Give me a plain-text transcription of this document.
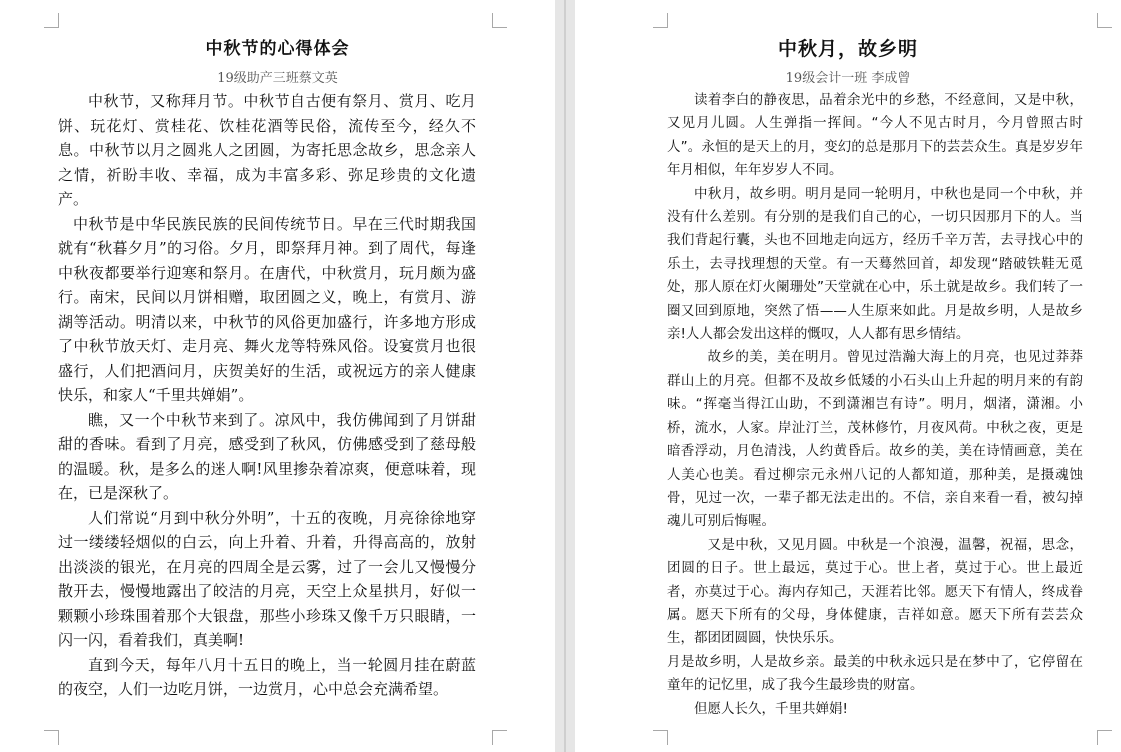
中秋节的心得体会
19级助产三班蔡文英

中秋节，又称拜月节。中秋节自古便有祭月、赏月、吃月饼、玩花灯、赏桂花、饮桂花酒等民俗，流传至今，经久不息。中秋节以月之圆兆人之团圆，为寄托思念故乡，思念亲人之情，祈盼丰收、幸福，成为丰富多彩、弥足珍贵的文化遗产。

中秋节是中华民族民族的民间传统节日。早在三代时期我国就有“秋暮夕月”的习俗。夕月，即祭拜月神。到了周代，每逢中秋夜都要举行迎寒和祭月。在唐代，中秋赏月，玩月颇为盛行。南宋，民间以月饼相赠，取团圆之义，晚上，有赏月、游湖等活动。明清以来，中秋节的风俗更加盛行，许多地方形成了中秋节放天灯、走月亮、舞火龙等特殊风俗。设宴赏月也很盛行，人们把酒问月，庆贺美好的生活，或祝远方的亲人健康快乐，和家人“千里共婵娟”。

瞧，又一个中秋节来到了。凉风中，我仿佛闻到了月饼甜甜的香味。看到了月亮，感受到了秋风，仿佛感受到了慈母般的温暖。秋，是多么的迷人啊!风里掺杂着凉爽，便意味着，现在，已是深秋了。

人们常说“月到中秋分外明”，十五的夜晚，月亮徐徐地穿过一缕缕轻烟似的白云，向上升着、升着，升得高高的，放射出淡淡的银光，在月亮的四周全是云雾，过了一会儿又慢慢分散开去，慢慢地露出了皎洁的月亮，天空上众星拱月，好似一颗颗小珍珠围着那个大银盘，那些小珍珠又像千万只眼睛，一闪一闪，看着我们，真美啊!

直到今天，每年八月十五日的晚上，当一轮圆月挂在蔚蓝的夜空，人们一边吃月饼，一边赏月，心中总会充满希望。

中秋月，故乡明
19级会计一班 李成曾

读着李白的静夜思，品着余光中的乡愁，不经意间，又是中秋，又见月儿圆。人生弹指一挥间。“今人不见古时月，今月曾照古时人”。永恒的是天上的月，变幻的总是那月下的芸芸众生。真是岁岁年年月相似，年年岁岁人不同。

中秋月，故乡明。明月是同一轮明月，中秋也是同一个中秋，并没有什么差别。有分别的是我们自己的心，一切只因那月下的人。当我们背起行囊，头也不回地走向远方，经历千辛万苦，去寻找心中的乐土，去寻找理想的天堂。有一天蓦然回首，却发现“踏破铁鞋无觅处，那人原在灯火阑珊处”天堂就在心中，乐土就是故乡。我们转了一圈又回到原地，突然了悟——人生原来如此。月是故乡明，人是故乡亲!人人都会发出这样的慨叹，人人都有思乡情结。

故乡的美，美在明月。曾见过浩瀚大海上的月亮，也见过莽莽群山上的月亮。但都不及故乡低矮的小石头山上升起的明月来的有韵味。“挥毫当得江山助，不到潇湘岂有诗”。明月，烟渚，潇湘。小桥，流水，人家。岸沚汀兰，茂林修竹，月夜风荷。中秋之夜，更是暗香浮动，月色清浅，人约黄昏后。故乡的美，美在诗情画意，美在人美心也美。看过柳宗元永州八记的人都知道，那种美，是摄魂蚀骨，见过一次，一辈子都无法走出的。不信，亲自来看一看，被勾掉魂儿可别后悔喔。

又是中秋，又见月圆。中秋是一个浪漫，温馨，祝福，思念，团圆的日子。世上最远，莫过于心。世上者，莫过于心。世上最近者，亦莫过于心。海内存知己，天涯若比邻。愿天下有情人，终成眷属。愿天下所有的父母，身体健康，吉祥如意。愿天下所有芸芸众生，都团团圆圆，快快乐乐。

月是故乡明，人是故乡亲。最美的中秋永远只是在梦中了，它停留在童年的记忆里，成了我今生最珍贵的财富。

但愿人长久，千里共婵娟!
